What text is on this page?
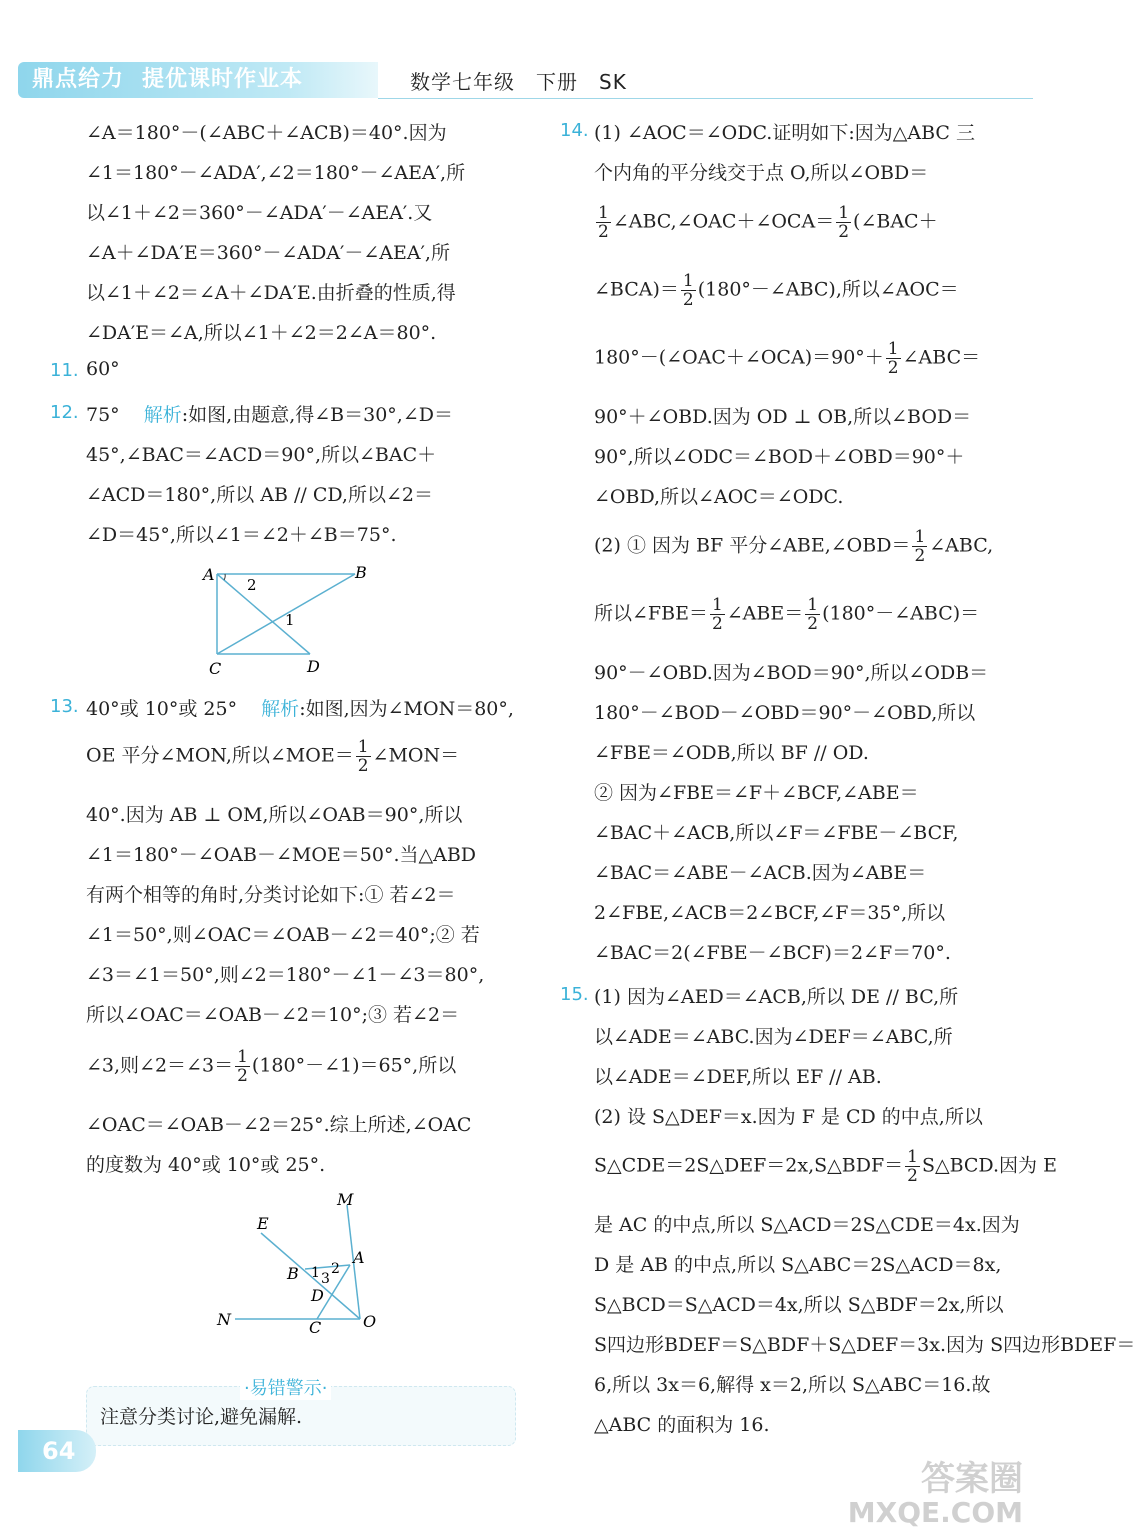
鼎点给力 提优课时作业本	数学七年级　下册　SK
∠A＝180°－(∠ABC＋∠ACB)＝40°.因为
∠1＝180°－∠ADA′,∠2＝180°－∠AEA′,所
以∠1＋∠2＝360°－∠ADA′－∠AEA′.又
∠A＋∠DA′E＝360°－∠ADA′－∠AEA′,所
以∠1＋∠2＝∠A＋∠DA′E.由折叠的性质,得
∠DA′E＝∠A,所以∠1＋∠2＝2∠A＝80°.
11. 60°
12. 75° 解析:如图,由题意,得∠B＝30°,∠D＝
45°,∠BAC＝∠ACD＝90°,所以∠BAC＋
∠ACD＝180°,所以 AB // CD,所以∠2＝
∠D＝45°,所以∠1＝∠2＋∠B＝75°.
A	B
C	D
1
2
13. 40°或 10°或 25° 解析:如图,因为∠MON＝80°,
OE 平分∠MON,所以∠MOE＝ $\frac{1}{2}$ ∠MON＝
40°.因为 AB ⊥ OM,所以∠OAB＝90°,所以
∠1＝180°－∠OAB－∠MOE＝50°.当△ABD
有两个相等的角时,分类讨论如下:① 若∠2＝
∠1＝50°,则∠OAC＝∠OAB－∠2＝40°;② 若
∠3＝∠1＝50°,则∠2＝180°－∠1－∠3＝80°,
所以∠OAC＝∠OAB－∠2＝10°;③ 若∠2＝
∠3,则∠2＝∠3＝ $\frac{1}{2}$ (180°－∠1)＝65°,所以
∠OAC＝∠OAB－∠2＝25°.综上所述,∠OAC
的度数为 40°或 10°或 25°.
M
E
A
B 1 2
3
D
N	C	O
·易错警示·
注意分类讨论,避免漏解.
14. (1) ∠AOC＝∠ODC.证明如下:因为△ABC 三
个内角的平分线交于点 O,所以∠OBD＝
$\frac{1}{2}$ ∠ABC,∠OAC＋∠OCA＝ $\frac{1}{2}$ (∠BAC＋
∠BCA)＝ $\frac{1}{2}$ (180°－∠ABC),所以∠AOC＝
180°－(∠OAC＋∠OCA)＝90°＋ $\frac{1}{2}$ ∠ABC＝
90°＋∠OBD.因为 OD ⊥ OB,所以∠BOD＝
90°,所以∠ODC＝∠BOD＋∠OBD＝90°＋
∠OBD,所以∠AOC＝∠ODC.
(2) ① 因为 BF 平分∠ABE,∠OBD＝ $\frac{1}{2}$ ∠ABC,
所以∠FBE＝ $\frac{1}{2}$ ∠ABE＝ $\frac{1}{2}$ (180°－∠ABC)＝
90°－∠OBD.因为∠BOD＝90°,所以∠ODB＝
180°－∠BOD－∠OBD＝90°－∠OBD,所以
∠FBE＝∠ODB,所以 BF // OD.
② 因为∠FBE＝∠F＋∠BCF,∠ABE＝
∠BAC＋∠ACB,所以∠F＝∠FBE－∠BCF,
∠BAC＝∠ABE－∠ACB.因为∠ABE＝
2∠FBE,∠ACB＝2∠BCF,∠F＝35°,所以
∠BAC＝2(∠FBE－∠BCF)＝2∠F＝70°.
15. (1) 因为∠AED＝∠ACB,所以 DE // BC,所
以∠ADE＝∠ABC.因为∠DEF＝∠ABC,所
以∠ADE＝∠DEF,所以 EF // AB.
(2) 设 S△DEF＝x.因为 F 是 CD 的中点,所以
S△CDE＝2S△DEF＝2x,S△BDF＝ $\frac{1}{2}$ S△BCD.因为 E
是 AC 的中点,所以 S△ACD＝2S△CDE＝4x.因为
D 是 AB 的中点,所以 S△ABC＝2S△ACD＝8x,
S△BCD＝S△ACD＝4x,所以 S△BDF＝2x,所以
S四边形BDEF＝S△BDF＋S△DEF＝3x.因为 S四边形BDEF＝
6,所以 3x＝6,解得 x＝2,所以 S△ABC＝16.故
△ABC 的面积为 16.
64
答案圈
MXQE.COM
